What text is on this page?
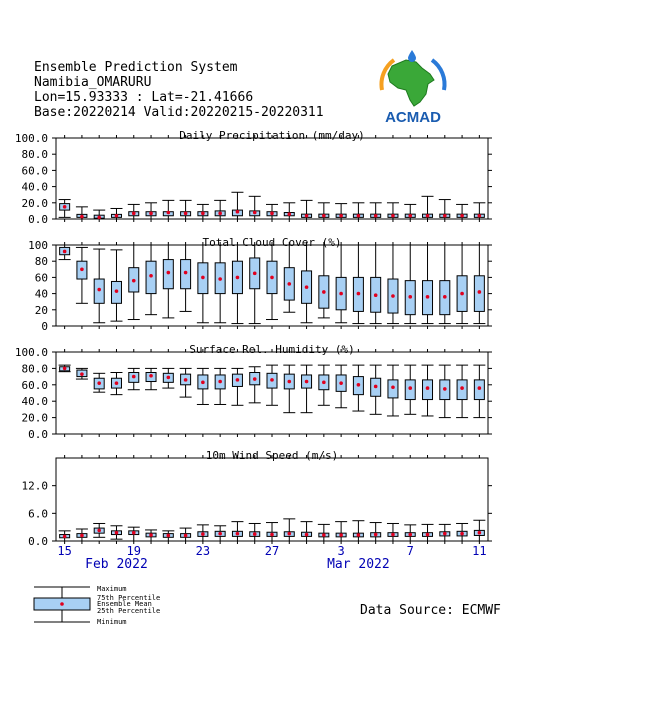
Ensemble Prediction System
Namibia_OMARURU
Lon=15.93333 : Lat=-21.41666
Base:20220214 Valid:20220215-20220311	ACMAD
Daily Precipitation (mm/day)
0.0
20.0
40.0
60.0
80.0
100.0
Total Cloud Cover (%)
0
20
40
60
80
100
Surface Rel. Humidity (%)
0.0
20.0
40.0
60.0
80.0
100.0
10m Wind Speed (m/s)
0.0
6.0
12.0
15	19	23	27	3	7	11
Feb 2022	Mar 2022
Maximum
75th Percentile
Ensemble Mean
25th Percentile
Minimum
Data Source: ECMWF
